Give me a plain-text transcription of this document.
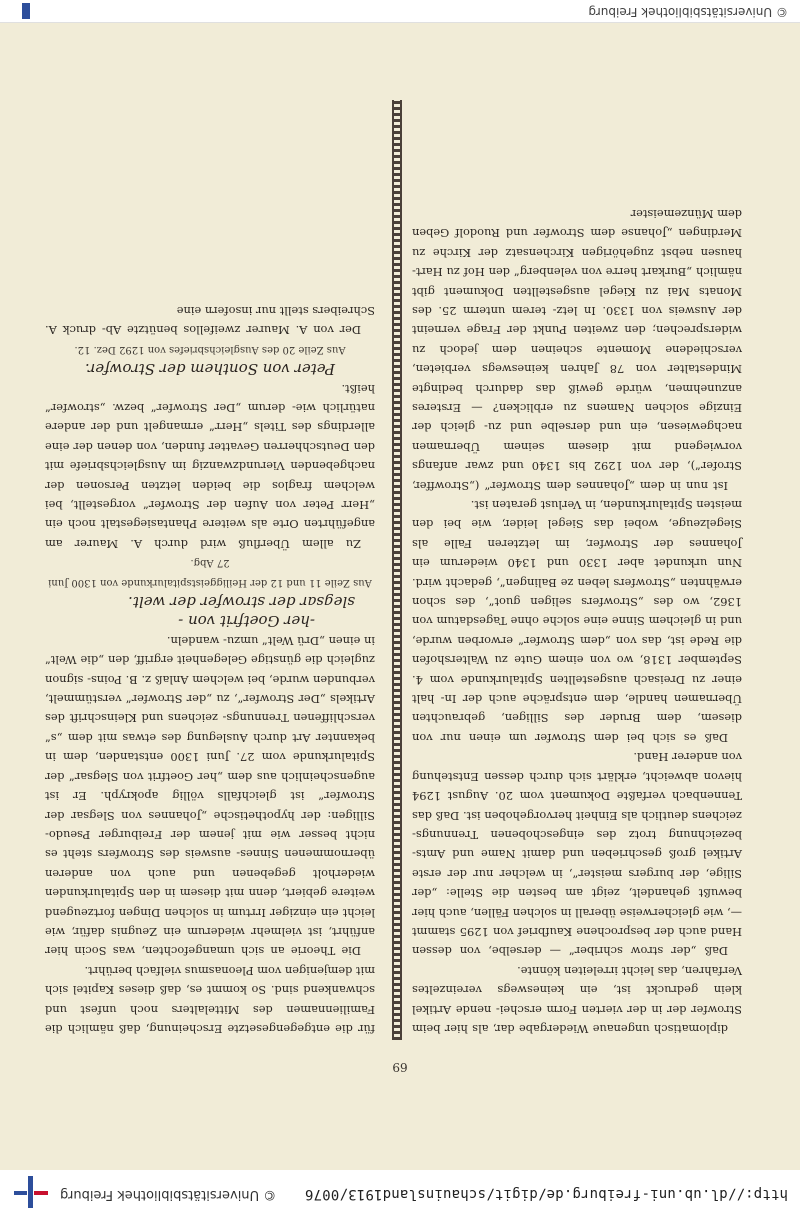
http://dl.ub.uni-freiburg.de/digit/schauinsland1913/0076
© Universitätsbibliothek Freiburg
69

diplomatisch ungenaue Wiedergabe dar, als hier beim Strowfer der in der vierten Form erschei- nende Artikel klein gedruckt ist, ein keineswegs vereinzeltes Verfahren, das leicht irreleiten könnte.

Daß „der strow schriber“ — derselbe, von dessen Hand auch der besprochene Kaufbrief von 1295 stammt —, wie gleicherweise überall in solchen Fällen, auch hier bewußt gehandelt, zeigt am besten die Stelle: „der Silige, der burgers meister“, in welcher nur der erste Artikel groß geschrieben und damit Name und Amts- bezeichnung trotz des eingeschobenen Trennungs- zeichens deutlich als Einheit hervorgehoben ist. Daß das Tennenbach verfaßte Dokument vom 20. August 1294 hievon abweicht, erklärt sich durch dessen Entstehung von anderer Hand.

Daß es sich bei dem Strowfer um einen nur von diesem, dem Bruder des Silligen, gebrauchten Übernamen handle, dem entspräche auch der In- halt einer zu Dreisach ausgestellten Spitalurkunde vom 4. September 1318, wo von einem Gute zu Waltershofen die Rede ist, das von „dem Strowfer“ erworben wurde, und in gleichem Sinne eine solche ohne Tagesdatum von 1362, wo des „Strowfers seligen guot“, des schon erwähnten „Strowfers leben ze Balingen“, gedacht wird. Nun urkundet aber 1330 und 1340 wiederum ein Johannes der Strowfer, im letzteren Falle als Siegelzeuge, wobei das Siegel leider, wie bei den meisten Spitalurkunden, in Verlust geraten ist.

Ist nun in dem „Johannes dem Strowfer“ („Strowffer, Strofer“), der von 1292 bis 1340 und zwar anfangs vorwiegend mit diesem seinem Übernamen nachgewiesen, ein und derselbe und zu- gleich der Einzige solchen Namens zu erblicken? — Ersteres anzunehmen, würde gewiß das dadurch bedingte Mindestalter von 78 Jahren keineswegs verbieten, verschiedene Momente scheinen dem jedoch zu widersprechen; den zweiten Punkt der Frage verneint der Ausweis von 1330. In letz- terem unterm 25. des Monats Mai zu Kiegel ausgestellten Dokument gibt nämlich „Burkart herre von velenberg“ den Hof zu Hart- hausen nebst zugehörigen Kirchensatz der Kirche zu Merdingen „Johanse dem Strowfer und Ruodolf Geben dem Münzemeister

für die entgegengesetzte Erscheinung, daß nämlich die Familiennamen des Mittelalters noch unfest und schwankend sind. So kommt es, daß dieses Kapitel sich mit demjenigen vom Pleonasmus vielfach berührt.

Die Theorie an sich umangefochten, was Socin hier anführt, ist vielmehr wiederum ein Zeugnis dafür, wie leicht ein einziger Irrtum in solchen Dingen fortzeugend weitere gebiert, denn mit diesem in den Spitalurkunden wiederholt gegebenen und auch von anderen übernommenen Sinnes- ausweis des Strowfers steht es nicht besser wie mit jenem der Freiburger Pseudo-Silligen: der hypothetische „Johannes von Slegsar der Strowfer“ ist gleichfalls völlig apokryph. Er ist augenscheinlich aus dem „her Goetfrit von Slegsar“ der Spitalurkunde vom 27. Juni 1300 entstanden, dem in bekannter Art durch Auslegung des etwas mit dem „s“ verschliffenen Trennungs- zeichens und Kleinschrift des Artikels „Der Strowfer“, zu „der Strowfer“ verstümmelt, verbunden wurde, bei welchem Anlaß z. B. Poins- signon zugleich die günstige Gelegenheit ergriff, den „die Welt“ in einen „Drü Welt“ umzu- wandeln.

-her Goetfrit von -

slegsar der strowfer der welt.

Aus Zeile 11 und 12 der Heiliggeistspitalurkunde von 1300 Juni 27 Abg.

Zu allem Überfluß wird durch A. Maurer am angeführten Orte als weitere Phantasiegestalt noch ein „Herr Peter von Aufen der Strowfer“ vorgestellt, bei welchem fraglos die beiden letzten Personen der nachgebenden Vierundzwanzig im Ausgleichsbriefe mit den Deutschherren Gevatter funden, von denen der eine allerdings des Titels „Herr“ ermangelt und der andere natürlich wie- derum „Der Strowfer“ bezw. „strowfer“ heißt.

Peter von Sonthem der Strowfer.

Aus Zeile 20 des Ausgleichsbriefes von 1292 Dez. 12.

Der von A. Maurer zweifellos benützte Ab- druck A. Schreibers stellt nur insofern eine

© Universitätsbibliothek Freiburg
